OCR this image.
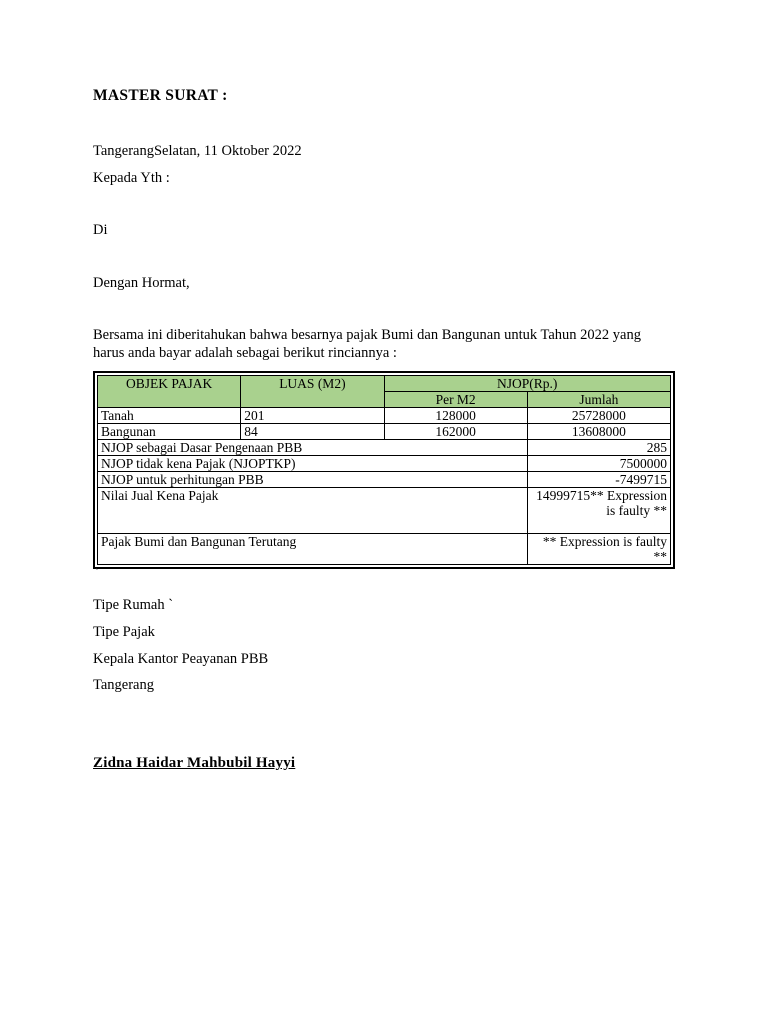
MASTER SURAT :
TangerangSelatan, 11 Oktober 2022
Kepada Yth :
Di
Dengan Hormat,
Bersama ini diberitahukan bahwa besarnya pajak Bumi dan Bangunan untuk Tahun 2022 yang harus anda bayar adalah sebagai berikut rinciannya :
OBJEK PAJAK	LUAS (M2)	NJOP(Rp.)	
		Per M2	Jumlah
Tanah	201	128000	25728000
Bangunan	84	162000	13608000
NJOP sebagai Dasar Pengenaan PBB			285
NJOP tidak kena Pajak (NJOPTKP)			7500000
NJOP untuk perhitungan PBB			-7499715
Nilai Jual Kena Pajak			14999715** Expression is faulty **
Pajak Bumi dan Bangunan Terutang			** Expression is faulty **
`
Tipe Rumah `
Tipe Pajak
Kepala Kantor Peayanan PBB
Tangerang
Zidna Haidar Mahbubil Hayyi
